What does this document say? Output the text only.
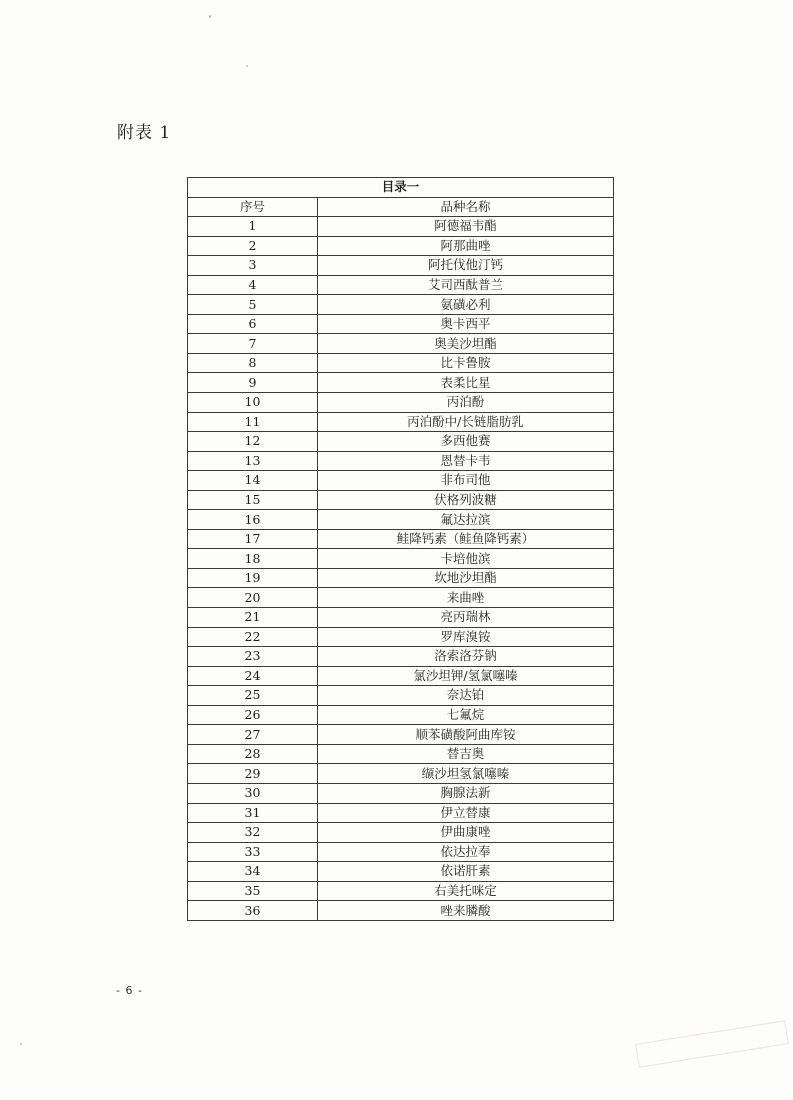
附表 1
目录一	
序号	品种名称
1	阿德福韦酯
2	阿那曲唑
3	阿托伐他汀钙
4	艾司西酞普兰
5	氨磺必利
6	奥卡西平
7	奥美沙坦酯
8	比卡鲁胺
9	表柔比星
10	丙泊酚
11	丙泊酚中/长链脂肪乳
12	多西他赛
13	恩替卡韦
14	非布司他
15	伏格列波糖
16	氟达拉滨
17	鲑降钙素（鲑鱼降钙素）
18	卡培他滨
19	坎地沙坦酯
20	来曲唑
21	亮丙瑞林
22	罗库溴铵
23	洛索洛芬钠
24	氯沙坦钾/氢氯噻嗪
25	奈达铂
26	七氟烷
27	顺苯磺酸阿曲库铵
28	替吉奥
29	缬沙坦氢氯噻嗪
30	胸腺法新
31	伊立替康
32	伊曲康唑
33	依达拉奉
34	依诺肝素
35	右美托咪定
36	唑来膦酸
- 6 -
